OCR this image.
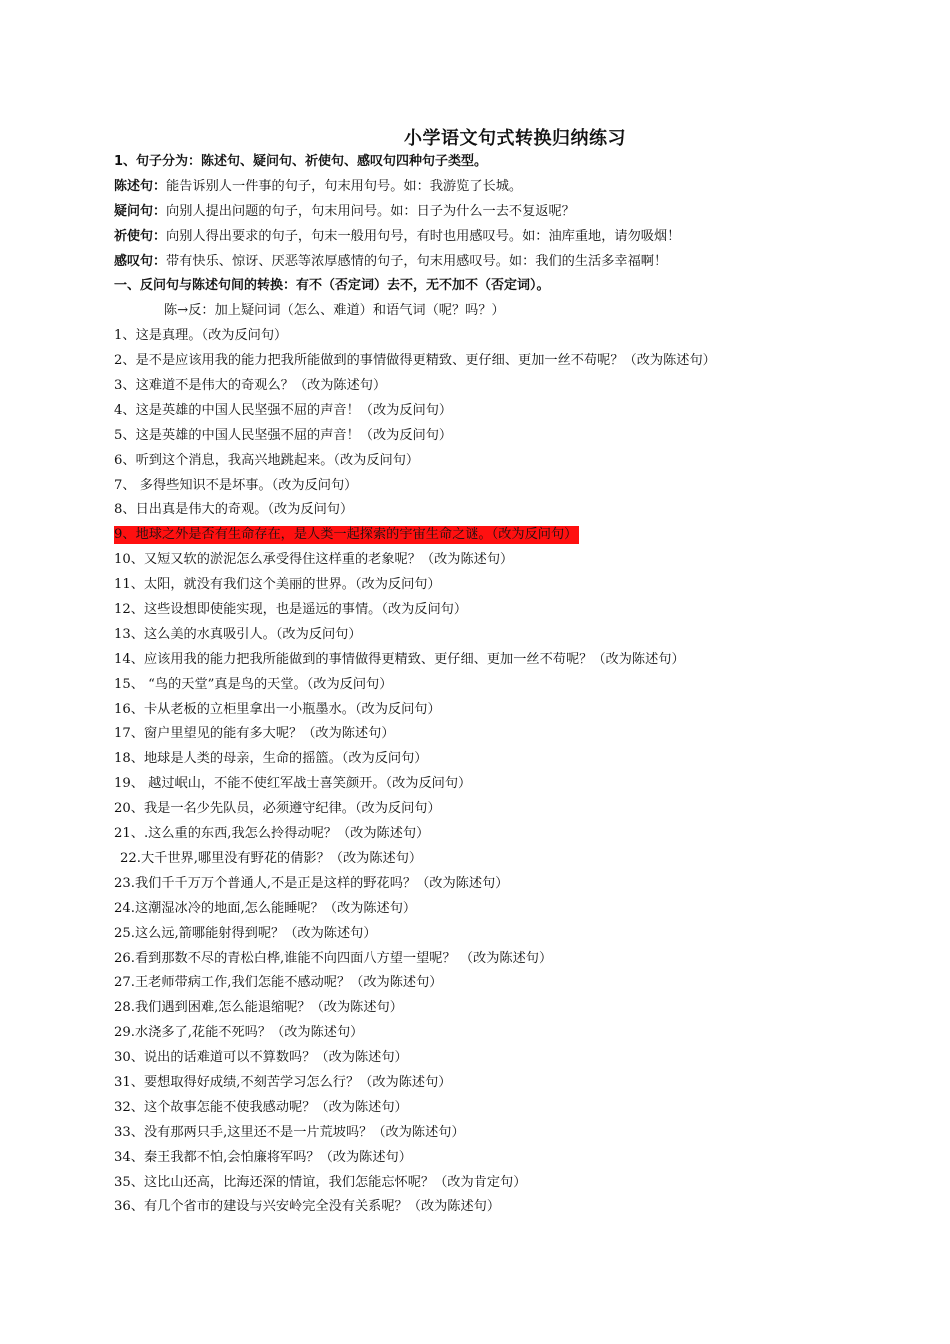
小学语文句式转换归纳练习
1、句子分为：陈述句、疑问句、祈使句、感叹句四种句子类型。
陈述句：能告诉别人一件事的句子，句末用句号。如：我游览了长城。
疑问句：向别人提出问题的句子，句末用问号。如：日子为什么一去不复返呢？
祈使句：向别人得出要求的句子，句末一般用句号，有时也用感叹号。如：油库重地，请勿吸烟！
感叹句：带有快乐、惊讶、厌恶等浓厚感情的句子，句末用感叹号。如：我们的生活多幸福啊！
一、反问句与陈述句间的转换：有不（否定词）去不，无不加不（否定词）。
陈→反：加上疑问词（怎么、难道）和语气词（呢？吗？）
1、这是真理。（改为反问句）
2、是不是应该用我的能力把我所能做到的事情做得更精致、更仔细、更加一丝不苟呢？（改为陈述句）
3、这难道不是伟大的奇观么？（改为陈述句）
4、这是英雄的中国人民坚强不屈的声音！（改为反问句）
5、这是英雄的中国人民坚强不屈的声音！（改为反问句）
6、听到这个消息，我高兴地跳起来。（改为反问句）
7、 多得些知识不是坏事。（改为反问句）
8、日出真是伟大的奇观。（改为反问句）
9、地球之外是否有生命存在，是人类一起探索的宇宙生命之谜。（改为反问句）
10、又短又软的淤泥怎么承受得住这样重的老象呢？（改为陈述句）
11、太阳，就没有我们这个美丽的世界。（改为反问句）
12、这些设想即使能实现，也是遥远的事情。（改为反问句）
13、这么美的水真吸引人。（改为反问句）
14、应该用我的能力把我所能做到的事情做得更精致、更仔细、更加一丝不苟呢？（改为陈述句）
15、 “鸟的天堂”真是鸟的天堂。（改为反问句）
16、卡从老板的立柜里拿出一小瓶墨水。（改为反问句）
17、窗户里望见的能有多大呢？（改为陈述句）
18、地球是人类的母亲，生命的摇篮。（改为反问句）
19、 越过岷山，不能不使红军战士喜笑颜开。（改为反问句）
20、我是一名少先队员，必须遵守纪律。（改为反问句）
21、.这么重的东西,我怎么拎得动呢？（改为陈述句）
22.大千世界,哪里没有野花的倩影？（改为陈述句）
23.我们千千万万个普通人,不是正是这样的野花吗？（改为陈述句）
24.这潮湿冰冷的地面,怎么能睡呢？（改为陈述句）
25.这么远,箭哪能射得到呢？（改为陈述句）
26.看到那数不尽的青松白桦,谁能不向四面八方望一望呢？ （改为陈述句）
27.王老师带病工作,我们怎能不感动呢？（改为陈述句）
28.我们遇到困难,怎么能退缩呢？（改为陈述句）
29.水浇多了,花能不死吗？（改为陈述句）
30、说出的话难道可以不算数吗？（改为陈述句）
31、要想取得好成绩,不刻苦学习怎么行？（改为陈述句）
32、这个故事怎能不使我感动呢？（改为陈述句）
33、没有那两只手,这里还不是一片荒坡吗？（改为陈述句）
34、秦王我都不怕,会怕廉将军吗？（改为陈述句）
35、这比山还高，比海还深的情谊，我们怎能忘怀呢？（改为肯定句）
36、有几个省市的建设与兴安岭完全没有关系呢？（改为陈述句）
